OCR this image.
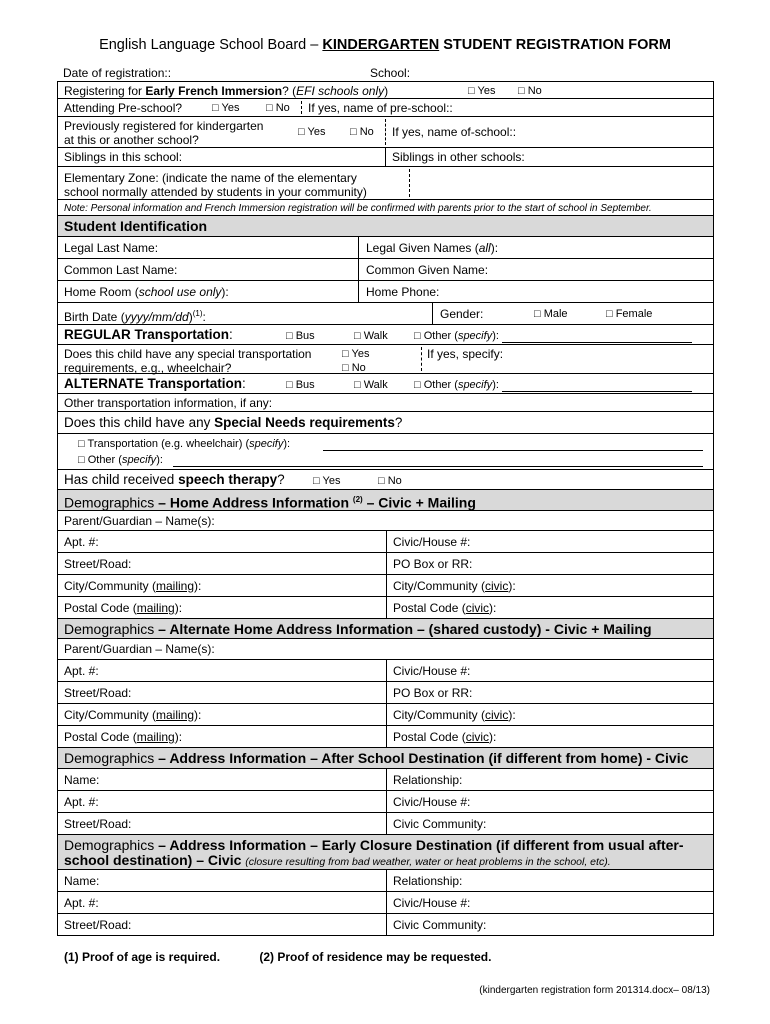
English Language School Board – KINDERGARTEN STUDENT REGISTRATION FORM
Date of registration::	School:
Registering for Early French Immersion? (EFI schools only)	□ Yes □ No
Attending Pre-school?	□ Yes □ No If yes, name of pre-school::
Previously registered for kindergarten
at this or another school?
□ Yes □ No If yes, name of-school::
Siblings in this school:	Siblings in other schools:
Elementary Zone: (indicate the name of the elementary
school normally attended by students in your community)
Note: Personal information and French Immersion registration will be confirmed with parents prior to the start of school in September.
Student Identification
Legal Last Name:	Legal Given Names (all):
Common Last Name:	Common Given Name:
Home Room (school use only):	Home Phone:
Birth Date (yyyy/mm/dd)$^{(1)}$:	Gender:	□ Male	□ Female
REGULAR Transportation:	□ Bus	□ Walk □ Other (specify):
Does this child have any special transportation
requirements, e.g., wheelchair?
□ Yes
□ No
If yes, specify:
ALTERNATE Transportation:	□ Bus	□ Walk □ Other (specify):
Other transportation information, if any:
Does this child have any Special Needs requirements?
□ Transportation (e.g. wheelchair) (specify):
□ Other (specify):
Has child received speech therapy?	□ Yes	□ No
Demographics – Home Address Information $^{(2)}$ – Civic + Mailing
Parent/Guardian – Name(s):
Apt. #:	Civic/House #:
Street/Road:	PO Box or RR:
City/Community (mailing):	City/Community (civic):
Postal Code (mailing):	Postal Code (civic):
Demographics – Alternate Home Address Information – (shared custody) - Civic + Mailing
Parent/Guardian – Name(s):
Apt. #:	Civic/House #:
Street/Road:	PO Box or RR:
City/Community (mailing):	City/Community (civic):
Postal Code (mailing):	Postal Code (civic):
Demographics – Address Information – After School Destination (if different from home) - Civic
Name:	Relationship:
Apt. #:	Civic/House #:
Street/Road:	Civic Community:
Demographics – Address Information – Early Closure Destination (if different from usual after-
school destination) – Civic (closure resulting from bad weather, water or heat problems in the school, etc).
Name:	Relationship:
Apt. #:	Civic/House #:
Street/Road:	Civic Community:
(1) Proof of age is required.	(2) Proof of residence may be requested.
(kindergarten registration form 201314.docx– 08/13)
